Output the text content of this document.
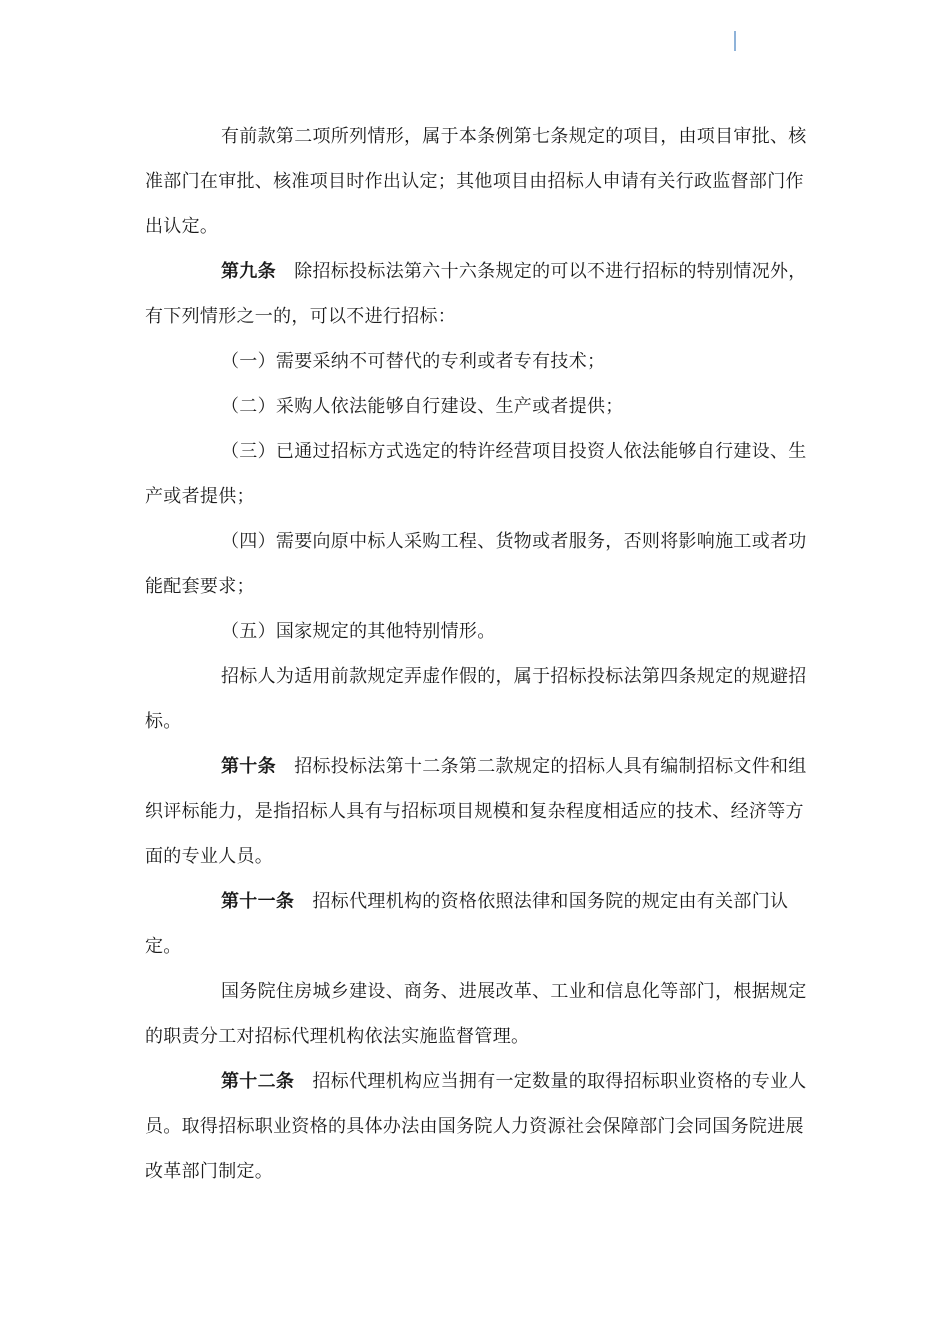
有前款第二项所列情形，属于本条例第七条规定的项目，由项目审批、核准部门在审批、核准项目时作出认定；其他项目由招标人申请有关行政监督部门作出认定。

第九条　除招标投标法第六十六条规定的可以不进行招标的特别情况外，有下列情形之一的，可以不进行招标：

（一）需要采纳不可替代的专利或者专有技术；

（二）采购人依法能够自行建设、生产或者提供；

（三）已通过招标方式选定的特许经营项目投资人依法能够自行建设、生产或者提供；

（四）需要向原中标人采购工程、货物或者服务，否则将影响施工或者功能配套要求；

（五）国家规定的其他特别情形。

招标人为适用前款规定弄虚作假的，属于招标投标法第四条规定的规避招标。

第十条　招标投标法第十二条第二款规定的招标人具有编制招标文件和组织评标能力，是指招标人具有与招标项目规模和复杂程度相适应的技术、经济等方面的专业人员。

第十一条　招标代理机构的资格依照法律和国务院的规定由有关部门认定。

国务院住房城乡建设、商务、进展改革、工业和信息化等部门，根据规定的职责分工对招标代理机构依法实施监督管理。

第十二条　招标代理机构应当拥有一定数量的取得招标职业资格的专业人员。取得招标职业资格的具体办法由国务院人力资源社会保障部门会同国务院进展改革部门制定。
